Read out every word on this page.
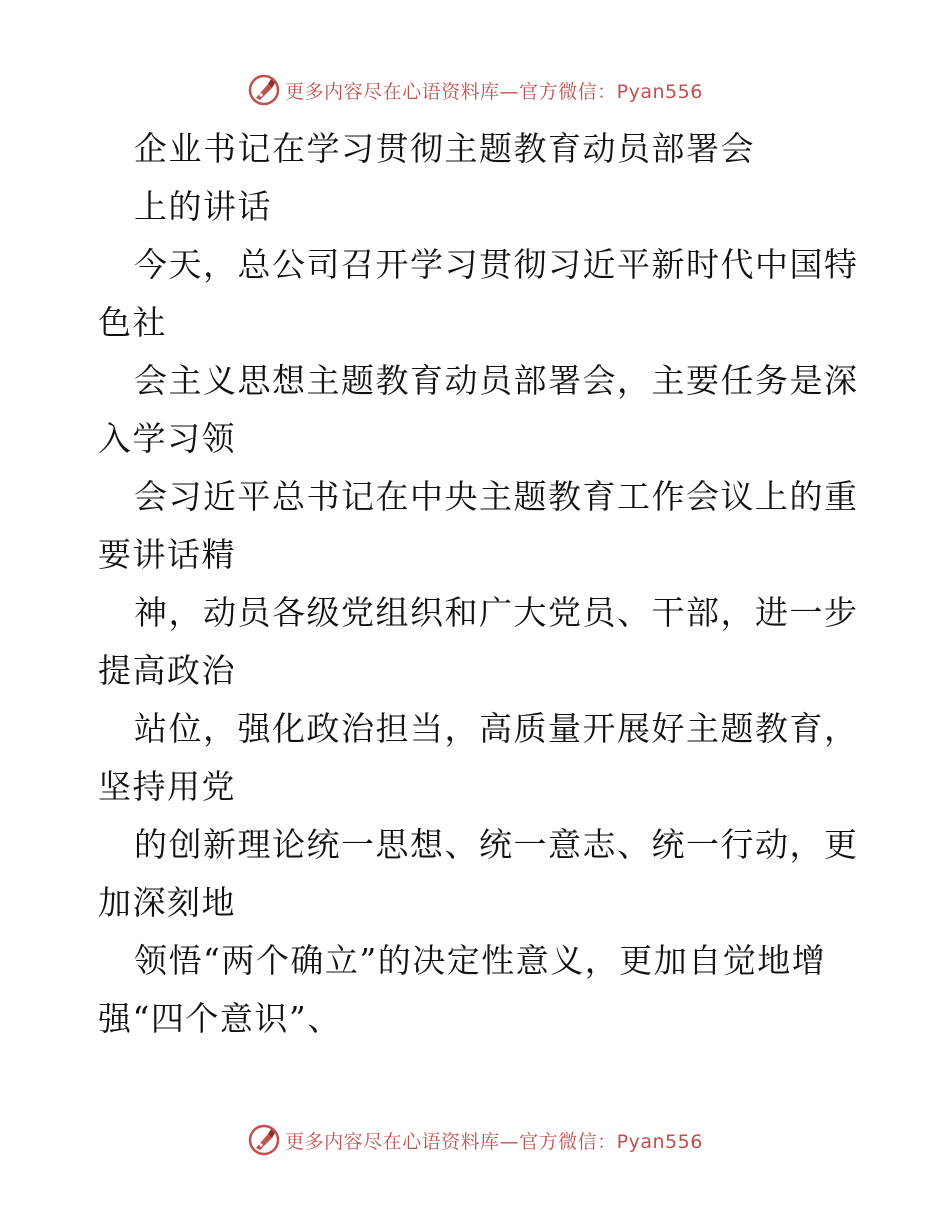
更多内容尽在心语资料库—官方微信：Pyan556
企业书记在学习贯彻主题教育动员部署会
上的讲话
今天，总公司召开学习贯彻习近平新时代中国特
色社
会主义思想主题教育动员部署会，主要任务是深
入学习领
会习近平总书记在中央主题教育工作会议上的重
要讲话精
神，动员各级党组织和广大党员、干部，进一步
提高政治
站位，强化政治担当，高质量开展好主题教育，
坚持用党
的创新理论统一思想、统一意志、统一行动，更
加深刻地
领悟“两个确立”的决定性意义，更加自觉地增
强“四个意识”、
更多内容尽在心语资料库—官方微信：Pyan556
